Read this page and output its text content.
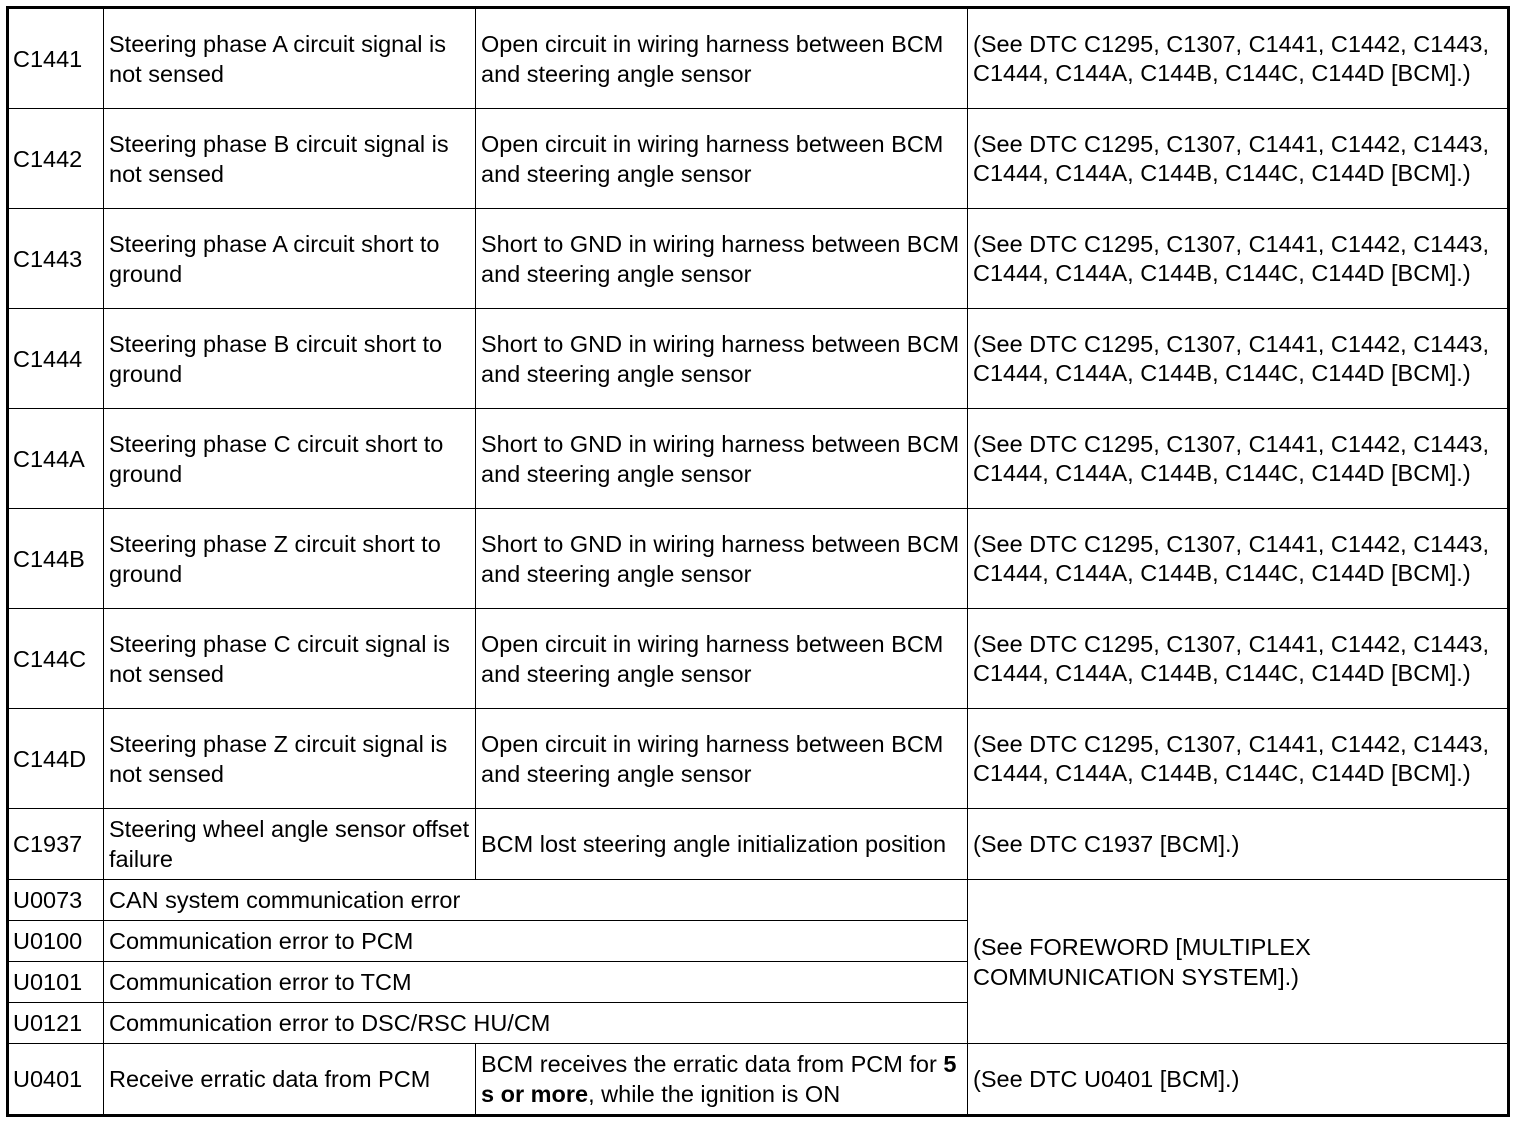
C1441	Steering phase A circuit signal is not sensed	Open circuit in wiring harness between BCM and steering angle sensor	(See DTC C1295, C1307, C1441, C1442, C1443, C1444, C144A, C144B, C144C, C144D [BCM].)
C1442	Steering phase B circuit signal is not sensed	Open circuit in wiring harness between BCM and steering angle sensor	(See DTC C1295, C1307, C1441, C1442, C1443, C1444, C144A, C144B, C144C, C144D [BCM].)
C1443	Steering phase A circuit short to ground	Short to GND in wiring harness between BCM and steering angle sensor	(See DTC C1295, C1307, C1441, C1442, C1443, C1444, C144A, C144B, C144C, C144D [BCM].)
C1444	Steering phase B circuit short to ground	Short to GND in wiring harness between BCM and steering angle sensor	(See DTC C1295, C1307, C1441, C1442, C1443, C1444, C144A, C144B, C144C, C144D [BCM].)
C144A	Steering phase C circuit short to ground	Short to GND in wiring harness between BCM and steering angle sensor	(See DTC C1295, C1307, C1441, C1442, C1443, C1444, C144A, C144B, C144C, C144D [BCM].)
C144B	Steering phase Z circuit short to ground	Short to GND in wiring harness between BCM and steering angle sensor	(See DTC C1295, C1307, C1441, C1442, C1443, C1444, C144A, C144B, C144C, C144D [BCM].)
C144C	Steering phase C circuit signal is not sensed	Open circuit in wiring harness between BCM and steering angle sensor	(See DTC C1295, C1307, C1441, C1442, C1443, C1444, C144A, C144B, C144C, C144D [BCM].)
C144D	Steering phase Z circuit signal is not sensed	Open circuit in wiring harness between BCM and steering angle sensor	(See DTC C1295, C1307, C1441, C1442, C1443, C1444, C144A, C144B, C144C, C144D [BCM].)
C1937	Steering wheel angle sensor offset failure	BCM lost steering angle initialization position	(See DTC C1937 [BCM].)
U0073	CAN system communication error		(See FOREWORD [MULTIPLEX COMMUNICATION SYSTEM].)
U0100	Communication error to PCM		
U0101	Communication error to TCM		
U0121	Communication error to DSC/RSC HU/CM		
U0401	Receive erratic data from PCM	BCM receives the erratic data from PCM for 5 s or more, while the ignition is ON	(See DTC U0401 [BCM].)
